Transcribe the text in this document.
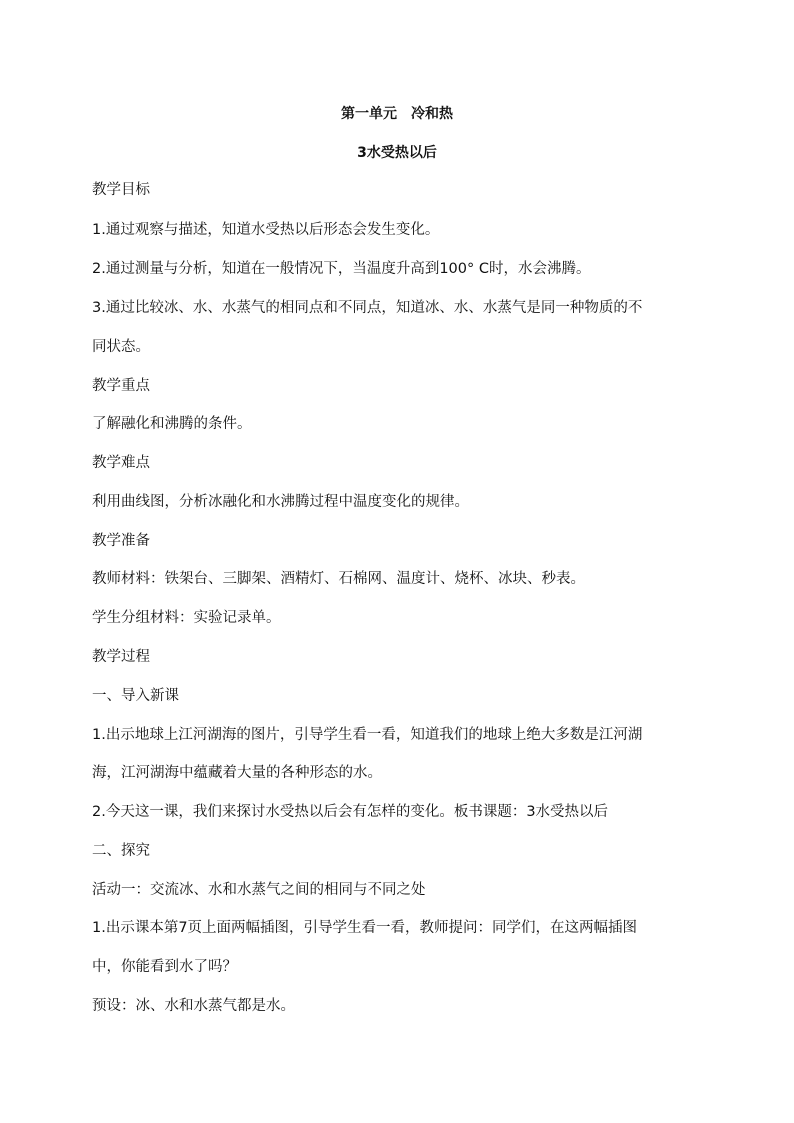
第一单元　冷和热
3水受热以后
教学目标
1.通过观察与描述，知道水受热以后形态会发生变化。
2.通过测量与分析，知道在一般情况下，当温度升高到100° C时，水会沸腾。
3.通过比较冰、水、水蒸气的相同点和不同点，知道冰、水、水蒸气是同一种物质的不
同状态。
教学重点
了解融化和沸腾的条件。
教学难点
利用曲线图，分析冰融化和水沸腾过程中温度变化的规律。
教学准备
教师材料：铁架台、三脚架、酒精灯、石棉网、温度计、烧杯、冰块、秒表。
学生分组材料：实验记录单。
教学过程
一、导入新课
1.出示地球上江河湖海的图片，引导学生看一看，知道我们的地球上绝大多数是江河湖
海，江河湖海中蕴藏着大量的各种形态的水。
2.今天这一课，我们来探讨水受热以后会有怎样的变化。板书课题：3水受热以后
二、探究
活动一：交流冰、水和水蒸气之间的相同与不同之处
1.出示课本第7页上面两幅插图，引导学生看一看，教师提问：同学们，在这两幅插图
中，你能看到水了吗？
预设：冰、水和水蒸气都是水。
